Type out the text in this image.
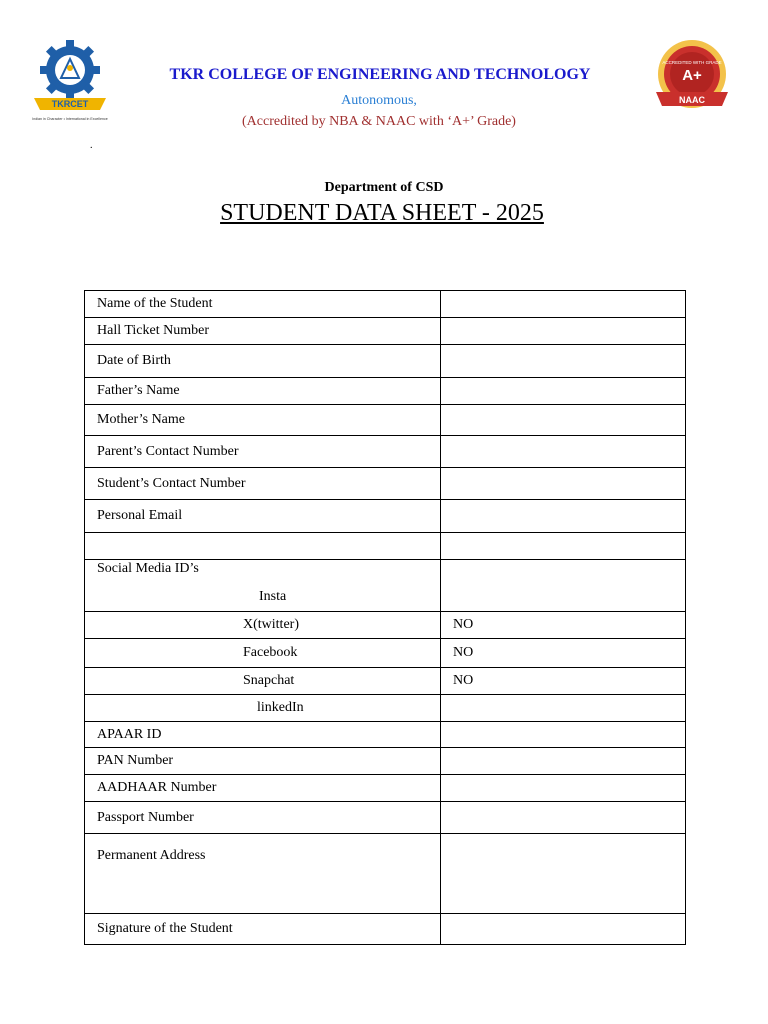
TKRCET
Indian in Character • International in Excellence
TKR COLLEGE OF ENGINEERING AND TECHNOLOGY
Autonomous,
(Accredited by NBA & NAAC with ‘A+’ Grade)
ACCREDITED WITH GRADE
A+
NAAC
.
Department of CSD
STUDENT DATA SHEET - 2025
Name of the Student	
Hall Ticket Number	
Date of Birth	
Father’s Name	
Mother’s Name	
Parent’s Contact Number	
Student’s Contact Number	
Personal Email	

Social Media ID’s
Insta	

X(twitter)	NO
Facebook	NO
Snapchat	NO
linkedIn	
APAAR ID	
PAN Number	
AADHAAR Number	
Passport Number	
Permanent Address	
Signature of the Student	
